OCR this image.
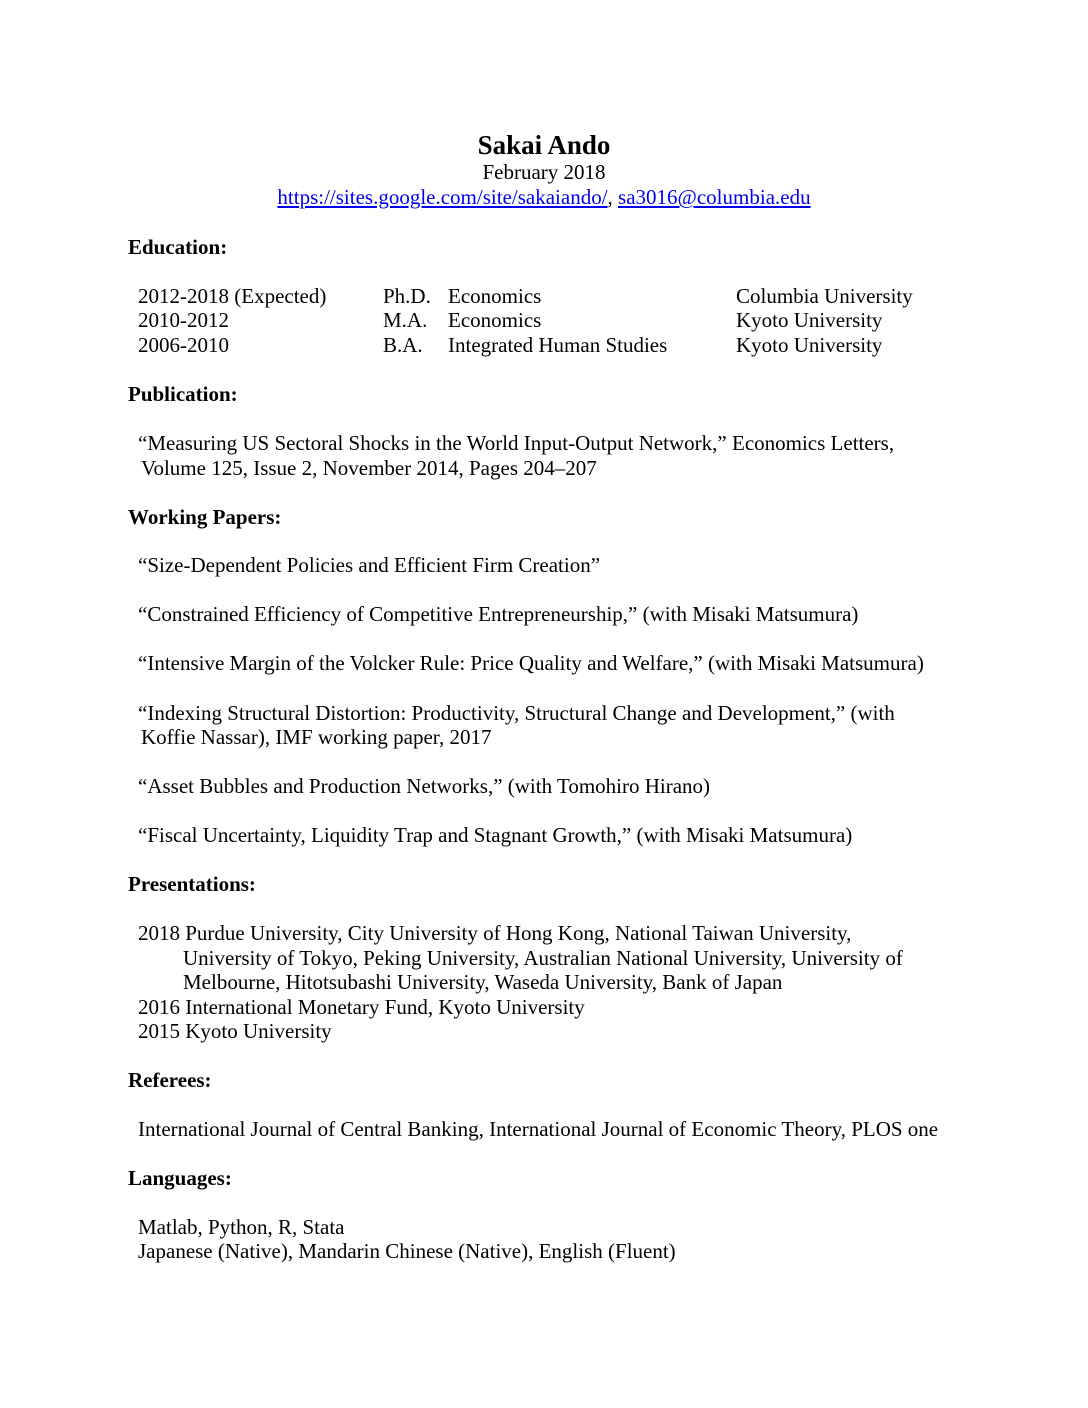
Sakai Ando
February 2018
https://sites.google.com/site/sakaiando/, sa3016@columbia.edu
Education:
2012-2018 (Expected)	Ph.D. Economics	Columbia University
2010-2012	M.A. Economics	Kyoto University
2006-2010	B.A. Integrated Human Studies	Kyoto University
Publication:
“Measuring US Sectoral Shocks in the World Input-Output Network,” Economics Letters,
Volume 125, Issue 2, November 2014, Pages 204–207
Working Papers:
“Size-Dependent Policies and Efficient Firm Creation”
“Constrained Efficiency of Competitive Entrepreneurship,” (with Misaki Matsumura)
“Intensive Margin of the Volcker Rule: Price Quality and Welfare,” (with Misaki Matsumura)
“Indexing Structural Distortion: Productivity, Structural Change and Development,” (with
Koffie Nassar), IMF working paper, 2017
“Asset Bubbles and Production Networks,” (with Tomohiro Hirano)
“Fiscal Uncertainty, Liquidity Trap and Stagnant Growth,” (with Misaki Matsumura)
Presentations:
2018 Purdue University, City University of Hong Kong, National Taiwan University,
University of Tokyo, Peking University, Australian National University, University of
Melbourne, Hitotsubashi University, Waseda University, Bank of Japan
2016 International Monetary Fund, Kyoto University
2015 Kyoto University
Referees:
International Journal of Central Banking, International Journal of Economic Theory, PLOS one
Languages:
Matlab, Python, R, Stata
Japanese (Native), Mandarin Chinese (Native), English (Fluent)
